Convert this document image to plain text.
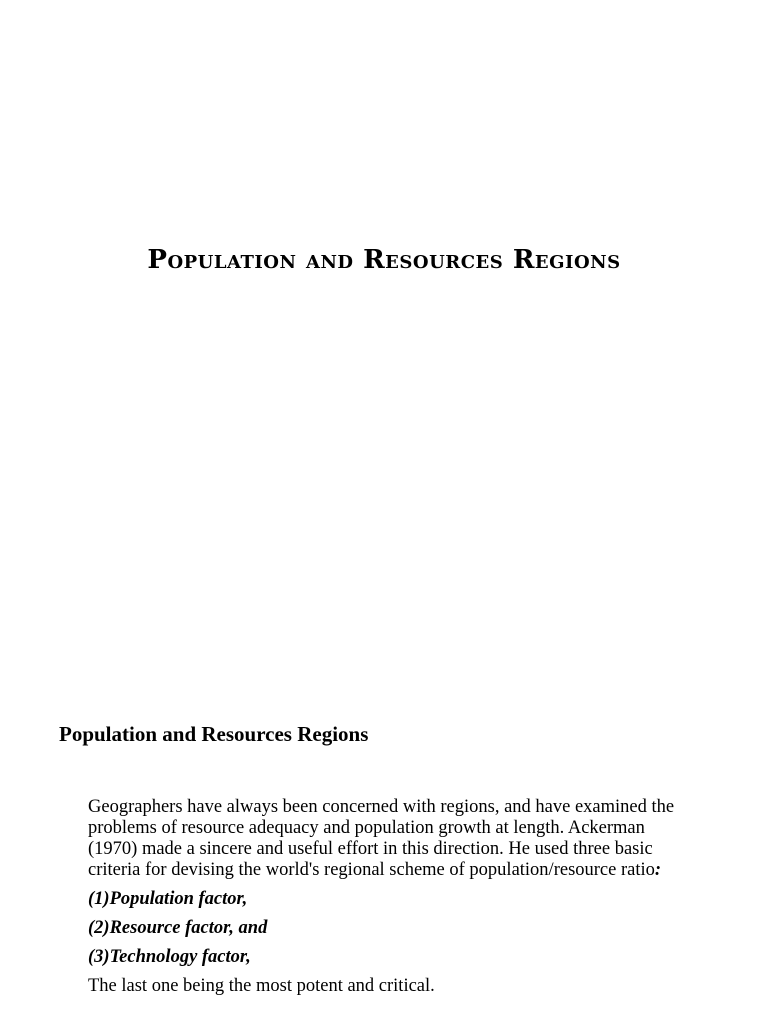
Population and Resources Regions
Population and Resources Regions

Geographers have always been concerned with regions, and have examined the problems of resource adequacy and population growth at length. Ackerman (1970) made a sincere and useful effort in this direction. He used three basic criteria for devising the world's regional scheme of population/resource ratio:

(1)Population factor,
(2)Resource factor, and
(3)Technology factor,
The last one being the most potent and critical.
